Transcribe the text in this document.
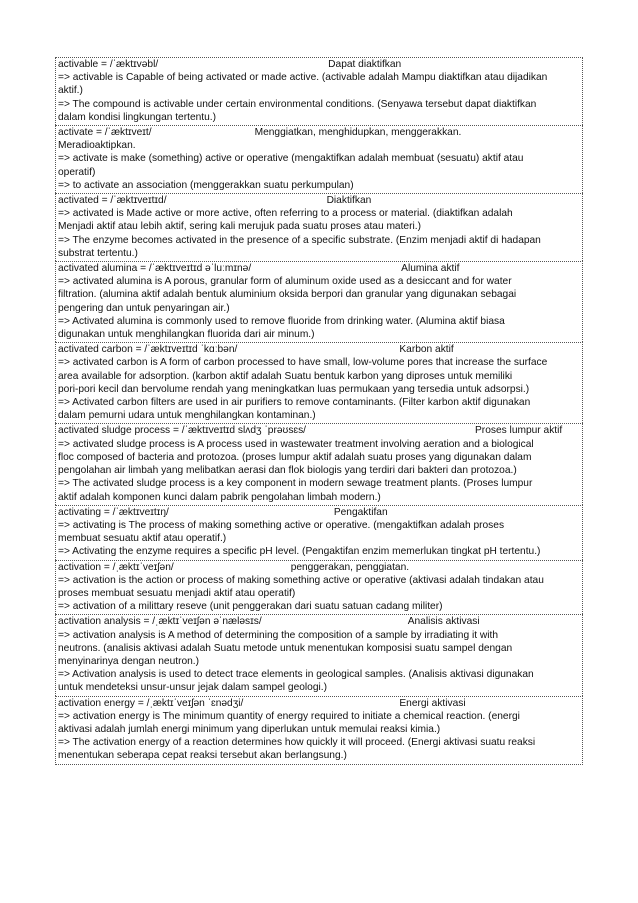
activable = /ˈæktɪvəbl/	Dapat diaktifkan
=> activable is Capable of being activated or made active. (activable adalah Mampu diaktifkan atau dijadikan
aktif.)
=> The compound is activable under certain environmental conditions. (Senyawa tersebut dapat diaktifkan
dalam kondisi lingkungan tertentu.)
activate = /ˈæktɪveɪt/	Menggiatkan, menghidupkan, menggerakkan.
Meradioaktipkan.
=> activate is make (something) active or operative (mengaktifkan adalah membuat (sesuatu) aktif atau
operatif)
=> to activate an association (menggerakkan suatu perkumpulan)
activated = /ˈæktɪveɪtɪd/	Diaktifkan
=> activated is Made active or more active, often referring to a process or material. (diaktifkan adalah
Menjadi aktif atau lebih aktif, sering kali merujuk pada suatu proses atau materi.)
=> The enzyme becomes activated in the presence of a specific substrate. (Enzim menjadi aktif di hadapan
substrat tertentu.)
activated alumina = /ˈæktɪveɪtɪd əˈluːmɪnə/	Alumina aktif
=> activated alumina is A porous, granular form of aluminum oxide used as a desiccant and for water
filtration. (alumina aktif adalah bentuk aluminium oksida berpori dan granular yang digunakan sebagai
pengering dan untuk penyaringan air.)
=> Activated alumina is commonly used to remove fluoride from drinking water. (Alumina aktif biasa
digunakan untuk menghilangkan fluorida dari air minum.)
activated carbon = /ˈæktɪveɪtɪd ˈkɑːbən/	Karbon aktif
=> activated carbon is A form of carbon processed to have small, low-volume pores that increase the surface
area available for adsorption. (karbon aktif adalah Suatu bentuk karbon yang diproses untuk memiliki
pori-pori kecil dan bervolume rendah yang meningkatkan luas permukaan yang tersedia untuk adsorpsi.)
=> Activated carbon filters are used in air purifiers to remove contaminants. (Filter karbon aktif digunakan
dalam pemurni udara untuk menghilangkan kontaminan.)
activated sludge process = /ˈæktɪveɪtɪd slʌdʒ ˈprəʊsɛs/	Proses lumpur aktif
=> activated sludge process is A process used in wastewater treatment involving aeration and a biological
floc composed of bacteria and protozoa. (proses lumpur aktif adalah suatu proses yang digunakan dalam
pengolahan air limbah yang melibatkan aerasi dan flok biologis yang terdiri dari bakteri dan protozoa.)
=> The activated sludge process is a key component in modern sewage treatment plants. (Proses lumpur
aktif adalah komponen kunci dalam pabrik pengolahan limbah modern.)
activating = /ˈæktɪveɪtɪŋ/	Pengaktifan
=> activating is The process of making something active or operative. (mengaktifkan adalah proses
membuat sesuatu aktif atau operatif.)
=> Activating the enzyme requires a specific pH level. (Pengaktifan enzim memerlukan tingkat pH tertentu.)
activation = /ˌæktɪˈveɪʃən/	penggerakan, penggiatan.
=> activation is the action or process of making something active or operative (aktivasi adalah tindakan atau
proses membuat sesuatu menjadi aktif atau operatif)
=> activation of a milittary reseve (unit penggerakan dari suatu satuan cadang militer)
activation analysis = /ˌæktɪˈveɪʃən əˈnæləsɪs/	Analisis aktivasi
=> activation analysis is A method of determining the composition of a sample by irradiating it with
neutrons. (analisis aktivasi adalah Suatu metode untuk menentukan komposisi suatu sampel dengan
menyinarinya dengan neutron.)
=> Activation analysis is used to detect trace elements in geological samples. (Analisis aktivasi digunakan
untuk mendeteksi unsur-unsur jejak dalam sampel geologi.)
activation energy = /ˌæktɪˈveɪʃən ˈɛnədʒi/	Energi aktivasi
=> activation energy is The minimum quantity of energy required to initiate a chemical reaction. (energi
aktivasi adalah jumlah energi minimum yang diperlukan untuk memulai reaksi kimia.)
=> The activation energy of a reaction determines how quickly it will proceed. (Energi aktivasi suatu reaksi
menentukan seberapa cepat reaksi tersebut akan berlangsung.)
